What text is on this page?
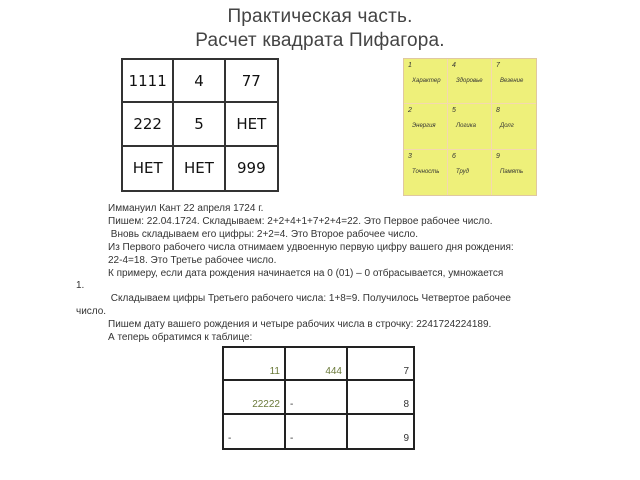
Практическая часть.
Расчет квадрата Пифагора.
1111	4	77
222	5	НЕТ
НЕТ	НЕТ	999
1
Характер
4
Здоровье
7
Везение
2
Энергия
5
Логика
8
Долг
3
Точность
6
Труд
9
Память
Иммануил Кант 22 апреля 1724 г.
Пишем: 22.04.1724. Складываем: 2+2+4+1+7+2+4=22. Это Первое рабочее число.
Вновь складываем его цифры: 2+2=4. Это Второе рабочее число.
Из Первого рабочего числа отнимаем удвоенную первую цифру вашего дня рождения:
22-4=18. Это Третье рабочее число.
К примеру, если дата рождения начинается на 0 (01) – 0 отбрасывается, умножается
1.
Складываем цифры Третьего рабочего числа: 1+8=9. Получилось Четвертое рабочее
число.
Пишем дату вашего рождения и четыре рабочих числа в строчку: 2241724224189.
А теперь обратимся к таблице:
11	444	7
22222 -	8
-	-	9
